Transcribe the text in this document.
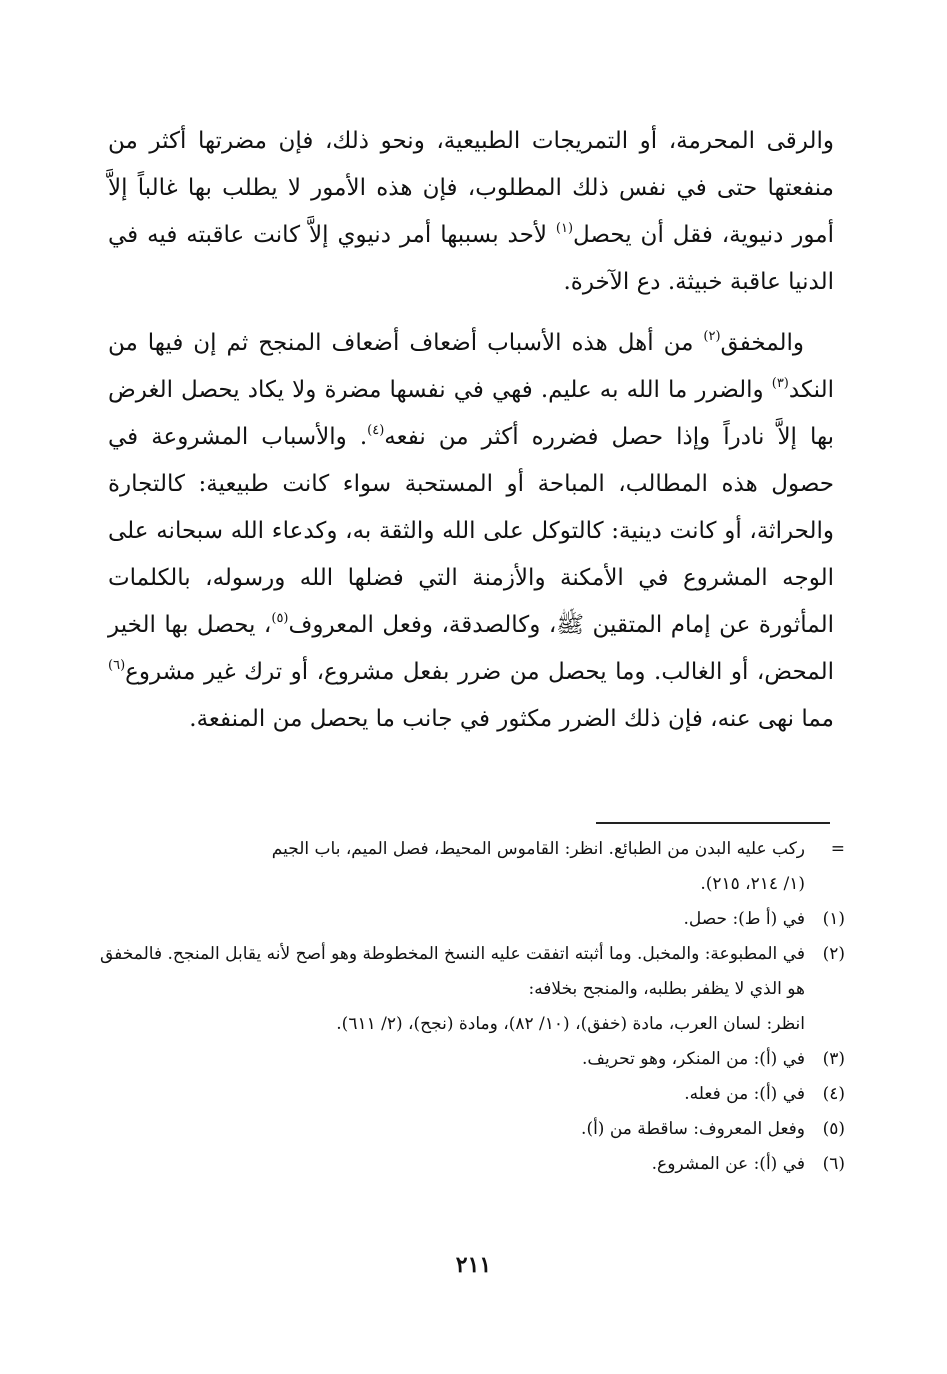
والرقى المحرمة، أو التمريجات الطبيعية، ونحو ذلك، فإن مضرتها أكثر من منفعتها حتى في نفس ذلك المطلوب، فإن هذه الأمور لا يطلب بها غالباً إلاَّ أمور دنيوية، فقل أن يحصل$^{(١)}$ لأحد بسببها أمر دنيوي إلاَّ كانت عاقبته فيه في الدنيا عاقبة خبيثة. دع الآخرة.

والمخفق$^{(٢)}$ من أهل هذه الأسباب أضعاف أضعاف المنجح ثم إن فيها من النكد$^{(٣)}$ والضرر ما الله به عليم. فهي في نفسها مضرة ولا يكاد يحصل الغرض بها إلاَّ نادراً وإذا حصل فضرره أكثر من نفعه$^{(٤)}$. والأسباب المشروعة في حصول هذه المطالب، المباحة أو المستحبة سواء كانت طبيعية: كالتجارة والحراثة، أو كانت دينية: كالتوكل على الله والثقة به، وكدعاء الله سبحانه على الوجه المشروع في الأمكنة والأزمنة التي فضلها الله ورسوله، بالكلمات المأثورة عن إمام المتقين ﷺ، وكالصدقة، وفعل المعروف$^{(٥)}$، يحصل بها الخير المحض، أو الغالب. وما يحصل من ضرر بفعل مشروع، أو ترك غير مشروع$^{(٦)}$ مما نهى عنه، فإن ذلك الضرر مكثور في جانب ما يحصل من المنفعة.

=
ركب عليه البدن من الطبائع. انظر: القاموس المحيط، فصل الميم، باب الجيم
(١/ ٢١٤، ٢١٥).
(١)
في (أ ط): حصل.
(٢)
في المطبوعة: والمخبل. وما أثبته اتفقت عليه النسخ المخطوطة وهو أصح لأنه يقابل المنجح. فالمخفق هو الذي لا يظفر بطلبه، والمنجح بخلافه:
انظر: لسان العرب، مادة (خفق)، (١٠/ ٨٢)، ومادة (نجح)، (٢/ ٦١١).
(٣)
في (أ): من المنكر، وهو تحريف.
(٤)
في (أ): من فعله.
(٥)
وفعل المعروف: ساقطة من (أ).
(٦)
في (أ): عن المشروع.
٢١١
